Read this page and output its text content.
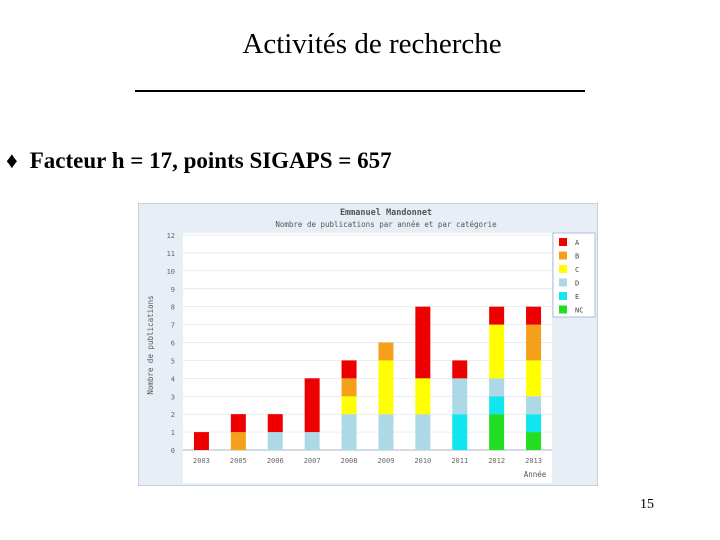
Activités de recherche
♦ Facteur h = 17, points SIGAPS = 657
Emmanuel Mandonnet
Nombre de publications par année et par catégorie
0
1
2
3
4
5
6
7
8
9
10
11
12
2003	2005	2006	2007	2008	2009	2010	2011	2012	2013
Nombre de publications
Année
A
B
C
D
E
NC
15
